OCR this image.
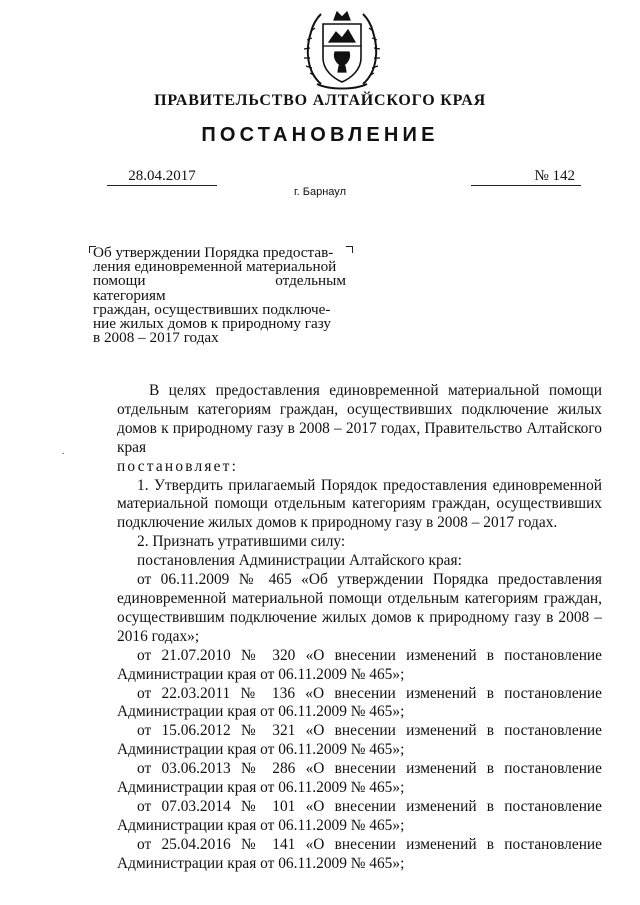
ПРАВИТЕЛЬСТВО АЛТАЙСКОГО КРАЯ
ПОСТАНОВЛЕНИЕ
28.04.2017	№ 142
г. Барнаул
Об утверждении Порядка предостав-
ления единовременной материальной
помощи отдельным категориям
граждан, осуществивших подключе-
ние жилых домов к природному газу
в 2008 – 2017 годах
.

В целях предоставления единовременной материальной помощи отдельным категориям граждан, осуществивших подключение жилых домов к природному газу в 2008 – 2017 годах, Правительство Алтайского края

постановляет:

1. Утвердить прилагаемый Порядок предоставления единовременной материальной помощи отдельным категориям граждан, осуществивших подключение жилых домов к природному газу в 2008 – 2017 годах.

2. Признать утратившими силу:

постановления Администрации Алтайского края:

от 06.11.2009 № 465 «Об утверждении Порядка предоставления единовременной материальной помощи отдельным категориям граждан, осуществившим подключение жилых домов к природному газу в 2008 – 2016 годах»;

от 21.07.2010 № 320 «О внесении изменений в постановление Администрации края от 06.11.2009 № 465»;

от 22.03.2011 № 136 «О внесении изменений в постановление Администрации края от 06.11.2009 № 465»;

от 15.06.2012 № 321 «О внесении изменений в постановление Администрации края от 06.11.2009 № 465»;

от 03.06.2013 № 286 «О внесении изменений в постановление Администрации края от 06.11.2009 № 465»;

от 07.03.2014 № 101 «О внесении изменений в постановление Администрации края от 06.11.2009 № 465»;

от 25.04.2016 № 141 «О внесении изменений в постановление Администрации края от 06.11.2009 № 465»;
